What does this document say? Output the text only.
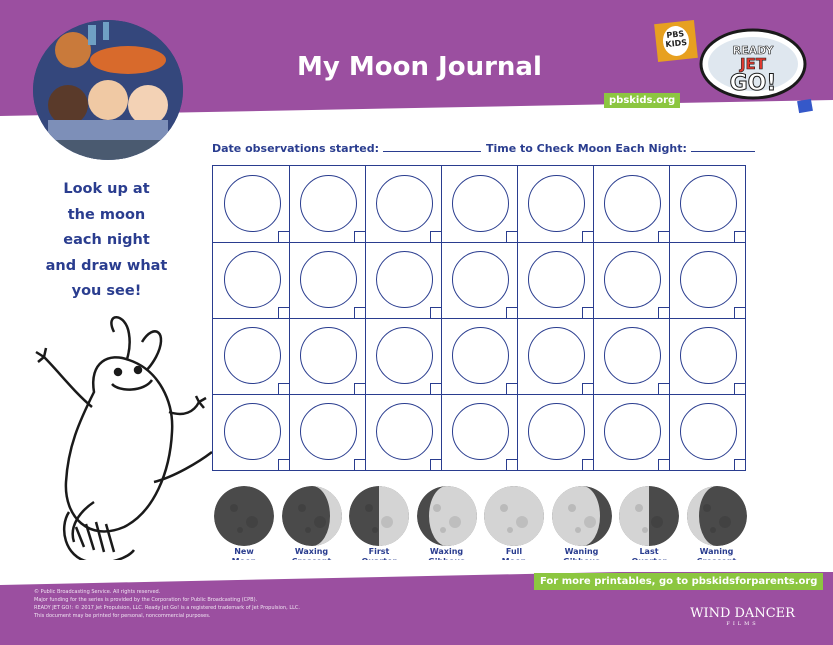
My Moon Journal
PBS KIDS
READY
JET
GO!
pbskids.org
Date observations started:	Time to Check Moon Each Night:
Look up at
the moon
each night
and draw what
you see!
New	Waxing	First	Waxing	Full	Waning	Last	Waning
© Public Broadcasting Service. All rights reserved.
Major funding for the series is provided by the Corporation for Public Broadcasting (CPB).
READY JET GO!: © 2017 Jet Propulsion, LLC. Ready Jet Go! is a registered trademark of Jet Propulsion, LLC.
This document may be printed for personal, noncommercial purposes.
For more printables, go to pbskidsforparents.org
WIND DANCER
FILMS
